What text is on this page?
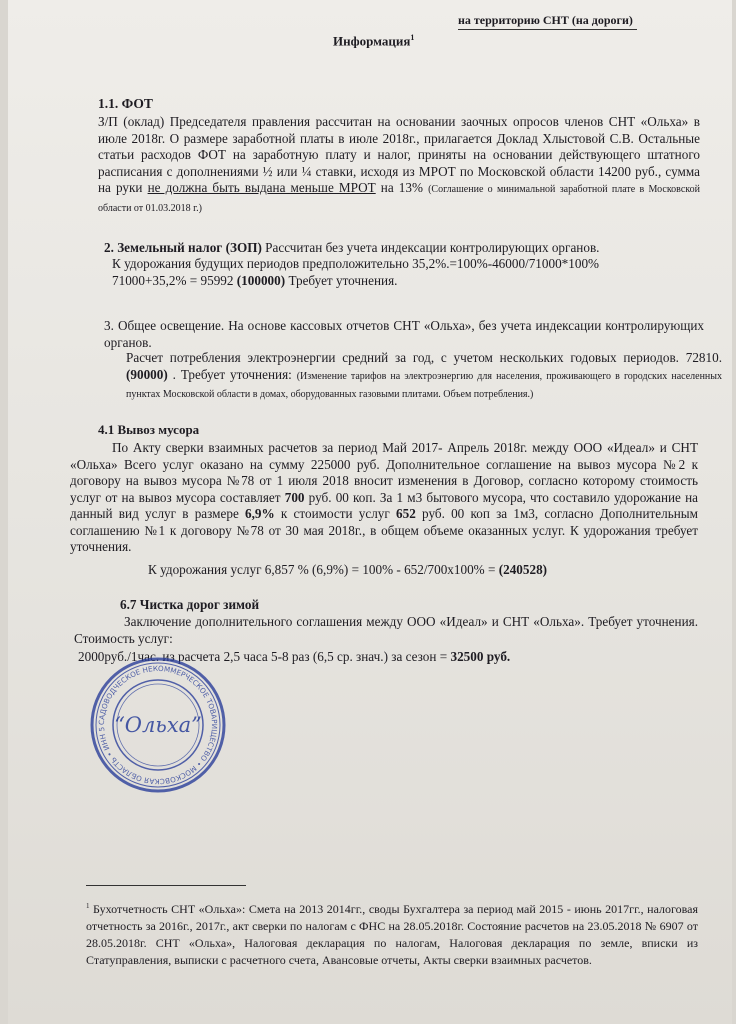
на территорию СНТ (на дороги)
Информация$^1$
1.1. ФОТ
З/П (оклад) Председателя правления рассчитан на основании заочных опросов членов СНТ «Ольха» в июле 2018г. О размере заработной платы в июле 2018г., прилагается Доклад Хлыстовой С.В. Остальные статьи расходов ФОТ на заработную плату и налог, приняты на основании действующего штатного расписания с дополнениями ½ или ¼ ставки, исходя из МРОТ по Московской области 14200 руб., сумма на руки не должна быть выдана меньше МРОТ на 13% (Соглашение о минимальной заработной плате в Московской области от 01.03.2018 г.)
2. Земельный налог (ЗОП) Рассчитан без учета индексации контролирующих органов.
К удорожания будущих периодов предположительно 35,2%.=100%-46000/71000*100%
71000+35,2% = 95992 (100000) Требует уточнения.
3. Общее освещение. На основе кассовых отчетов СНТ «Ольха», без учета индексации контролирующих органов.
Расчет потребления электроэнергии средний за год, с учетом нескольких годовых периодов. 72810. (90000) . Требует уточнения: (Изменение тарифов на электроэнергию для населения, проживающего в городских населенных пунктах Московской области в домах, оборудованных газовыми плитами. Объем потребления.)
4.1 Вывоз мусора
По Акту сверки взаимных расчетов за период Май 2017- Апрель 2018г. между ООО «Идеал» и СНТ «Ольха» Всего услуг оказано на сумму 225000 руб. Дополнительное соглашение на вывоз мусора №2 к договору на вывоз мусора №78 от 1 июля 2018 вносит изменения в Договор, согласно которому стоимость услуг от на вывоз мусора составляет 700 руб. 00 коп. За 1 м3 бытового мусора, что составило удорожание на данный вид услуг в размере 6,9% к стоимости услуг 652 руб. 00 коп за 1м3, согласно Дополнительным соглашению №1 к договору №78 от 30 мая 2018г., в общем объеме оказанных услуг. К удорожания требует уточнения.
К удорожания услуг 6,857 % (6,9%) = 100% - 652/700х100% = (240528)
6.7 Чистка дорог зимой
Заключение дополнительного соглашения между ООО «Идеал» и СНТ «Ольха». Требует уточнения. Стоимость услуг:
2000руб./1час. из расчета 2,5 часа 5-8 раз (6,5 ср. знач.) за сезон = 32500 руб.
САДОВОДЧЕСКОЕ НЕКОММЕРЧЕСКОЕ ТОВАРИЩЕСТВО • МОСКОВСКАЯ ОБЛАСТЬ • ИНН 5 “Ольха”
$^1$ Бухотчетность СНТ «Ольха»: Смета на 2013 2014гг., своды Бухгалтера за период май 2015 - июнь 2017гг., налоговая отчетность за 2016г., 2017г., акт сверки по налогам с ФНС на 28.05.2018г. Состояние расчетов на 23.05.2018 № 6907 от 28.05.2018г. СНТ «Ольха», Налоговая декларация по налогам, Налоговая декларация по земле, вписки из Статуправления, выписки с расчетного счета, Авансовые отчеты, Акты сверки взаимных расчетов.
